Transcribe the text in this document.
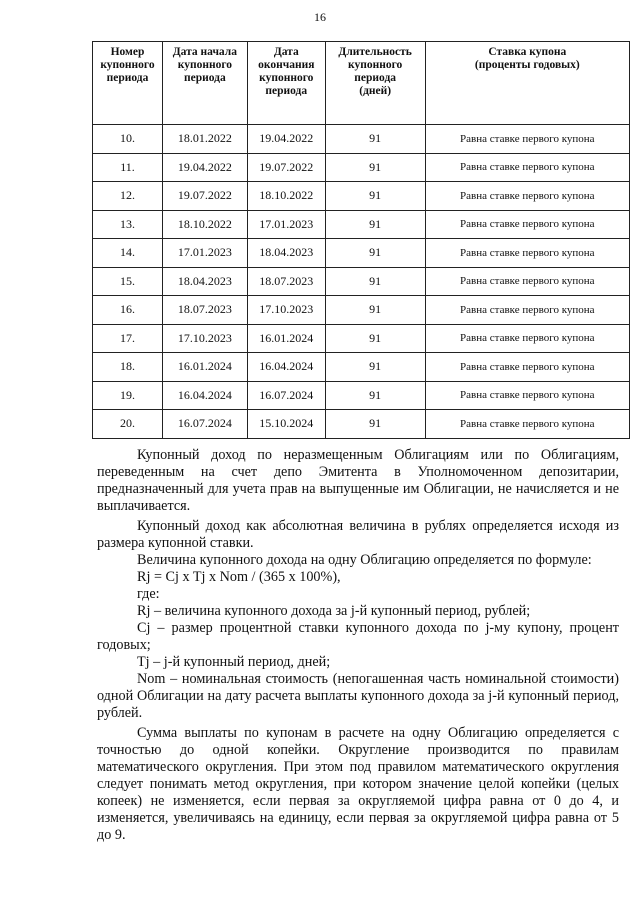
16
Номер
купонного
периода	Дата начала
купонного
периода	Дата
окончания
купонного
периода	Длительность
купонного
периода
(дней)	Ставка купона
(проценты годовых)

10.	18.01.2022	19.04.2022	91	Равна ставке первого купона
11.	19.04.2022	19.07.2022	91	Равна ставке первого купона
12.	19.07.2022	18.10.2022	91	Равна ставке первого купона
13.	18.10.2022	17.01.2023	91	Равна ставке первого купона
14.	17.01.2023	18.04.2023	91	Равна ставке первого купона
15.	18.04.2023	18.07.2023	91	Равна ставке первого купона
16.	18.07.2023	17.10.2023	91	Равна ставке первого купона
17.	17.10.2023	16.01.2024	91	Равна ставке первого купона
18.	16.01.2024	16.04.2024	91	Равна ставке первого купона
19.	16.04.2024	16.07.2024	91	Равна ставке первого купона
20.	16.07.2024	15.10.2024	91	Равна ставке первого купона

Купонный доход по неразмещенным Облигациям или по Облигациям, переведенным на счет депо Эмитента в Уполномоченном депозитарии, предназначенный для учета прав на выпущенные им Облигации, не начисляется и не выплачивается.

Купонный доход как абсолютная величина в рублях определяется исходя из размера купонной ставки.

Величина купонного дохода на одну Облигацию определяется по формуле:

Rj = Cj x Tj x Nom / (365 x 100%),

где:

Rj – величина купонного дохода за j-й купонный период, рублей;

Cj – размер процентной ставки купонного дохода по j-му купону, процент годовых;

Tj – j-й купонный период, дней;

Nom – номинальная стоимость (непогашенная часть номинальной стоимости) одной Облигации на дату расчета выплаты купонного дохода за j-й купонный период, рублей.

Сумма выплаты по купонам в расчете на одну Облигацию определяется с точностью до одной копейки. Округление производится по правилам математического округления. При этом под правилом математического округления следует понимать метод округления, при котором значение целой копейки (целых копеек) не изменяется, если первая за округляемой цифра равна от 0 до 4, и изменяется, увеличиваясь на единицу, если первая за округляемой цифра равна от 5 до 9.
